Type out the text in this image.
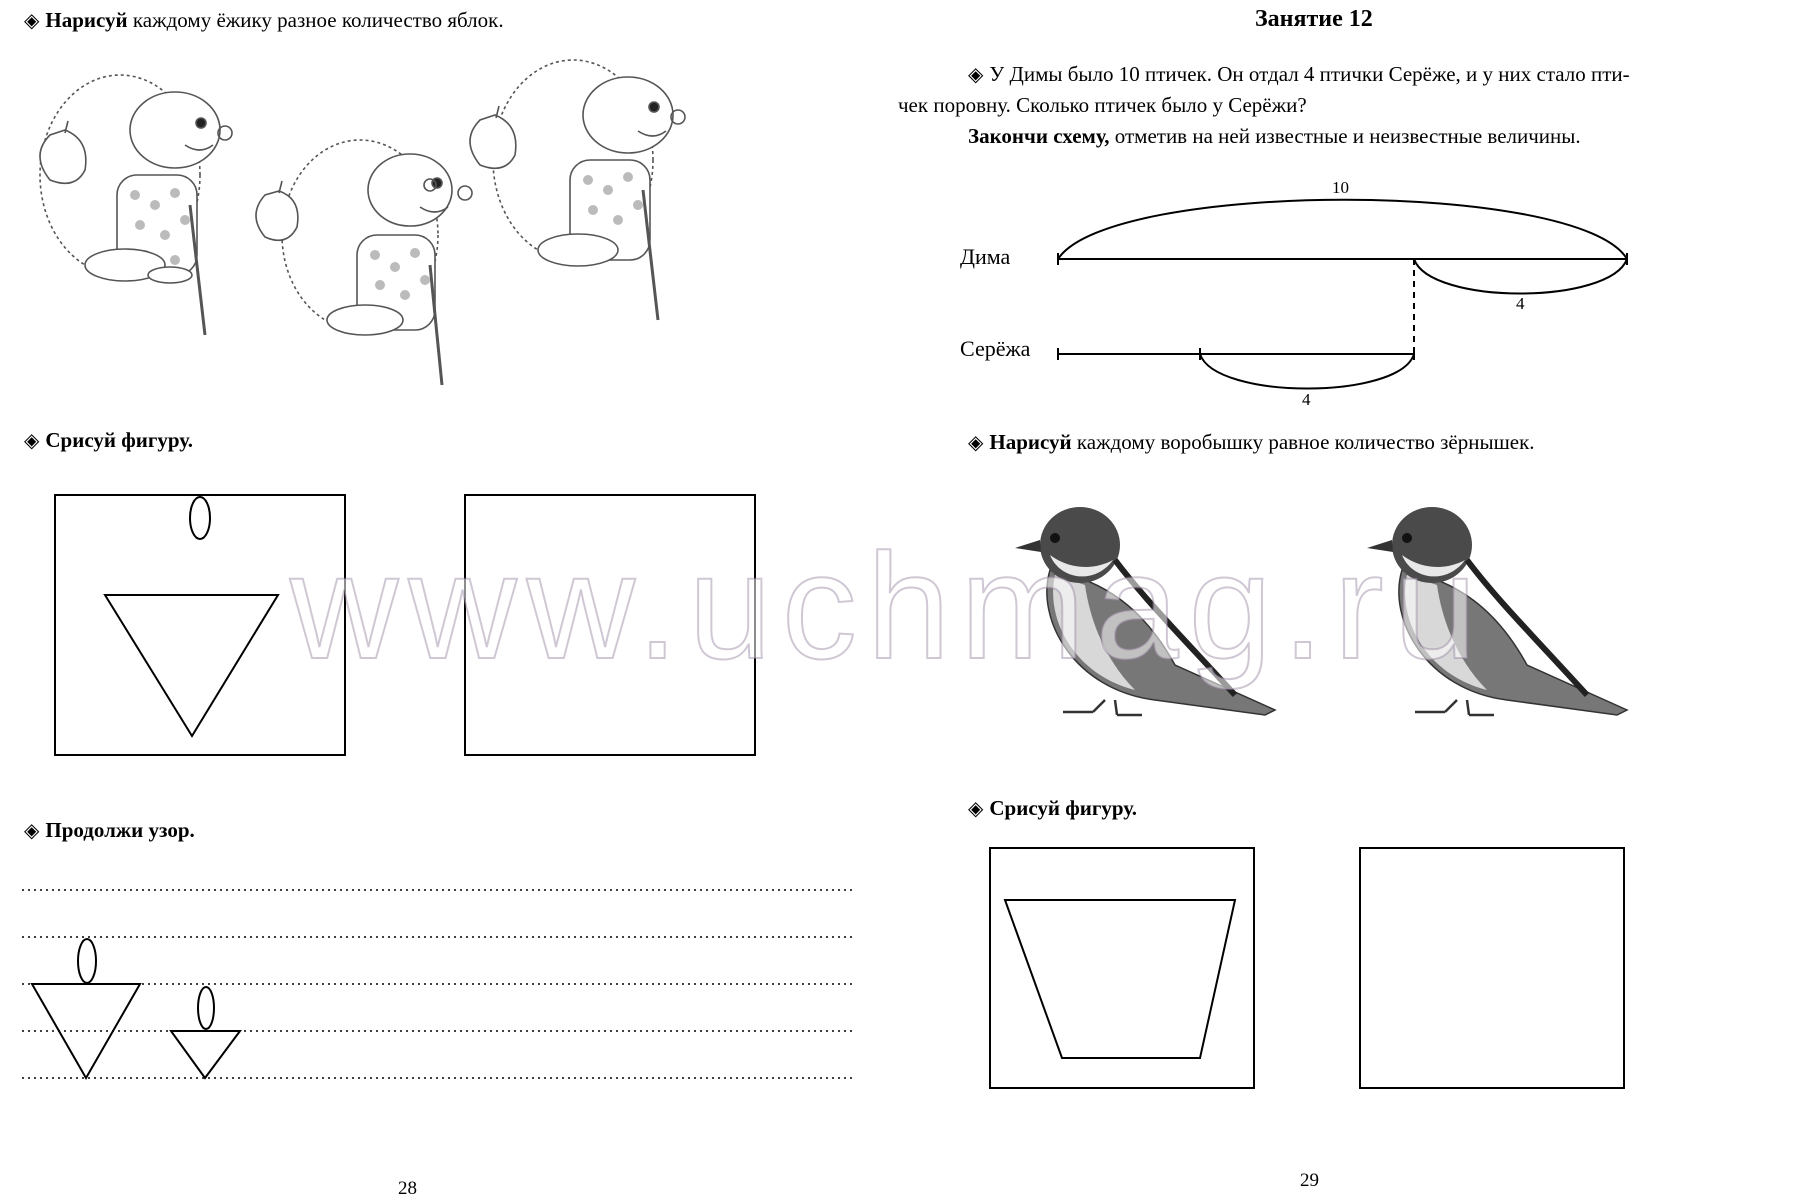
◈ Нарисуй каждому ёжику разное количество яблок.
◈ Срисуй фигуру.
◈ Продолжи узор.
28
Занятие 12
◈ У Димы было 10 птичек. Он отдал 4 птички Серёже, и у них стало пти-
чек поровну. Сколько птичек было у Серёжи?
Закончи схему, отметив на ней известные и неизвестные величины.
Дима
Серёжа
10
4
4
◈ Нарисуй каждому воробышку равное количество зёрнышек.
◈ Срисуй фигуру.
29
www.uchmag.ru
